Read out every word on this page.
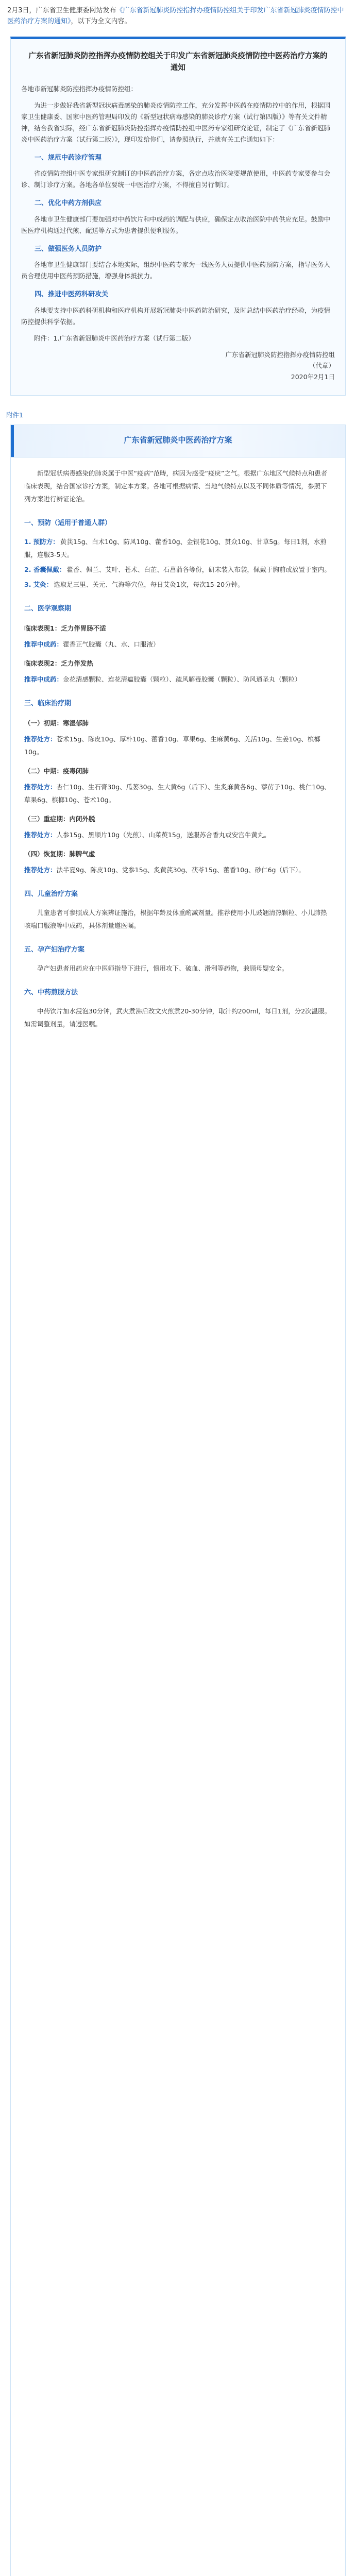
2月3日，广东省卫生健康委网站发布《广东省新冠肺炎防控指挥办疫情防控组关于印发广东省新冠肺炎疫情防控中医药治疗方案的通知》，以下为全文内容。
广东省新冠肺炎防控指挥办疫情防控组关于印发广东省新冠肺炎疫情防控中医药治疗方案的通知

各地市新冠肺炎防控指挥办疫情防控组：

为进一步做好我省新型冠状病毒感染的肺炎疫情防控工作，充分发挥中医药在疫情防控中的作用，根据国家卫生健康委、国家中医药管理局印发的《新型冠状病毒感染的肺炎诊疗方案（试行第四版）》等有关文件精神，结合我省实际，经广东省新冠肺炎防控指挥办疫情防控组中医药专家组研究论证，制定了《广东省新冠肺炎中医药治疗方案（试行第二版）》，现印发给你们，请参照执行，并就有关工作通知如下：

一、规范中药诊疗管理

省疫情防控组中医专家组研究制订的中医药治疗方案，各定点收治医院要规范使用，中医药专家要参与会诊、制订诊疗方案。各地各单位要统一中医治疗方案，不得擅自另行制订。

二、优化中药方剂供应

各地市卫生健康部门要加强对中药饮片和中成药的调配与供应，确保定点收治医院中药供应充足。鼓励中医医疗机构通过代煎、配送等方式为患者提供便利服务。

三、做强医务人员防护

各地市卫生健康部门要结合本地实际，组织中医药专家为一线医务人员提供中医药预防方案，指导医务人员合理使用中医药预防措施，增强身体抵抗力。

四、推进中医药科研攻关

各地要支持中医药科研机构和医疗机构开展新冠肺炎中医药防治研究，及时总结中医药治疗经验，为疫情防控提供科学依据。

附件：1.广东省新冠肺炎中医药治疗方案（试行第二版）

广东省新冠肺炎防控指挥办疫情防控组

（代章）

2020年2月1日

附件1
广东省新冠肺炎中医药治疗方案

新型冠状病毒感染的肺炎属于中医“疫病”范畴，病因为感受“疫戾”之气。根据广东地区气候特点和患者临床表现，结合国家诊疗方案，制定本方案。各地可根据病情、当地气候特点以及不同体质等情况，参照下列方案进行辨证论治。

一、预防（适用于普通人群）
1. 预防方： 黄芪15g、白术10g、防风10g、藿香10g、金银花10g、贯众10g、甘草5g。每日1剂，水煎服，连服3-5天。
2. 香囊佩戴： 藿香、佩兰、艾叶、苍术、白芷、石菖蒲各等份，研末装入布袋，佩戴于胸前或放置于室内。
3. 艾灸： 选取足三里、关元、气海等穴位，每日艾灸1次，每次15-20分钟。
二、医学观察期
临床表现1：乏力伴胃肠不适
推荐中成药：藿香正气胶囊（丸、水、口服液）
临床表现2：乏力伴发热
推荐中成药：金花清感颗粒、连花清瘟胶囊（颗粒）、疏风解毒胶囊（颗粒）、防风通圣丸（颗粒）
三、临床治疗期
（一）初期：寒湿郁肺
推荐处方：苍术15g、陈皮10g、厚朴10g、藿香10g、草果6g、生麻黄6g、羌活10g、生姜10g、槟榔10g。
（二）中期：疫毒闭肺
推荐处方：杏仁10g、生石膏30g、瓜蒌30g、生大黄6g（后下）、生炙麻黄各6g、葶苈子10g、桃仁10g、草果6g、槟榔10g、苍术10g。
（三）重症期：内闭外脱
推荐处方：人参15g、黑顺片10g（先煎）、山茱萸15g，送服苏合香丸或安宫牛黄丸。
（四）恢复期：肺脾气虚
推荐处方：法半夏9g、陈皮10g、党参15g、炙黄芪30g、茯苓15g、藿香10g、砂仁6g（后下）。
四、儿童治疗方案

儿童患者可参照成人方案辨证施治，根据年龄及体重酌减剂量。推荐使用小儿豉翘清热颗粒、小儿肺热咳喘口服液等中成药，具体剂量遵医嘱。

五、孕产妇治疗方案

孕产妇患者用药应在中医师指导下进行，慎用攻下、破血、滑利等药物，兼顾母婴安全。

六、中药煎服方法

中药饮片加水浸泡30分钟，武火煮沸后改文火煎煮20-30分钟，取汁约200ml，每日1剂，分2次温服。如需调整剂量，请遵医嘱。
